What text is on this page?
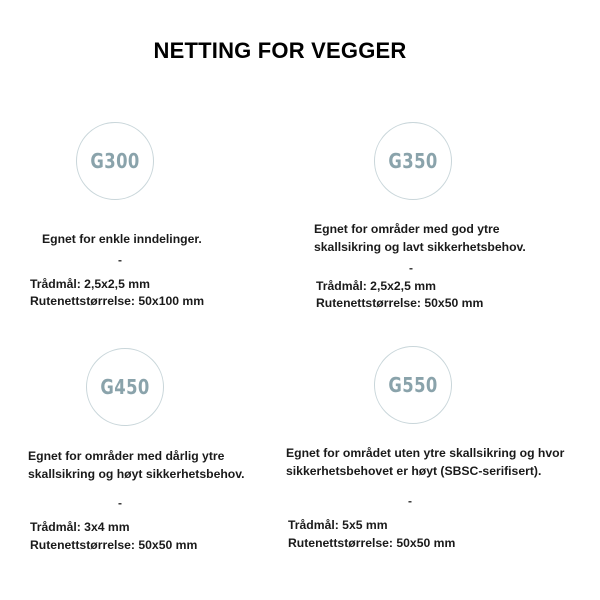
NETTING FOR VEGGER
G300
Egnet for enkle inndelinger.
-
Trådmål: 2,5x2,5 mm
Rutenettstørrelse: 50x100 mm
G350
Egnet for områder med god ytre
skallsikring og lavt sikkerhetsbehov.
-
Trådmål: 2,5x2,5 mm
Rutenettstørrelse: 50x50 mm
G450
Egnet for områder med dårlig ytre
skallsikring og høyt sikkerhetsbehov.
-
Trådmål: 3x4 mm
Rutenettstørrelse: 50x50 mm
G550
Egnet for området uten ytre skallsikring og hvor
sikkerhetsbehovet er høyt (SBSC-serifisert).
-
Trådmål: 5x5 mm
Rutenettstørrelse: 50x50 mm
